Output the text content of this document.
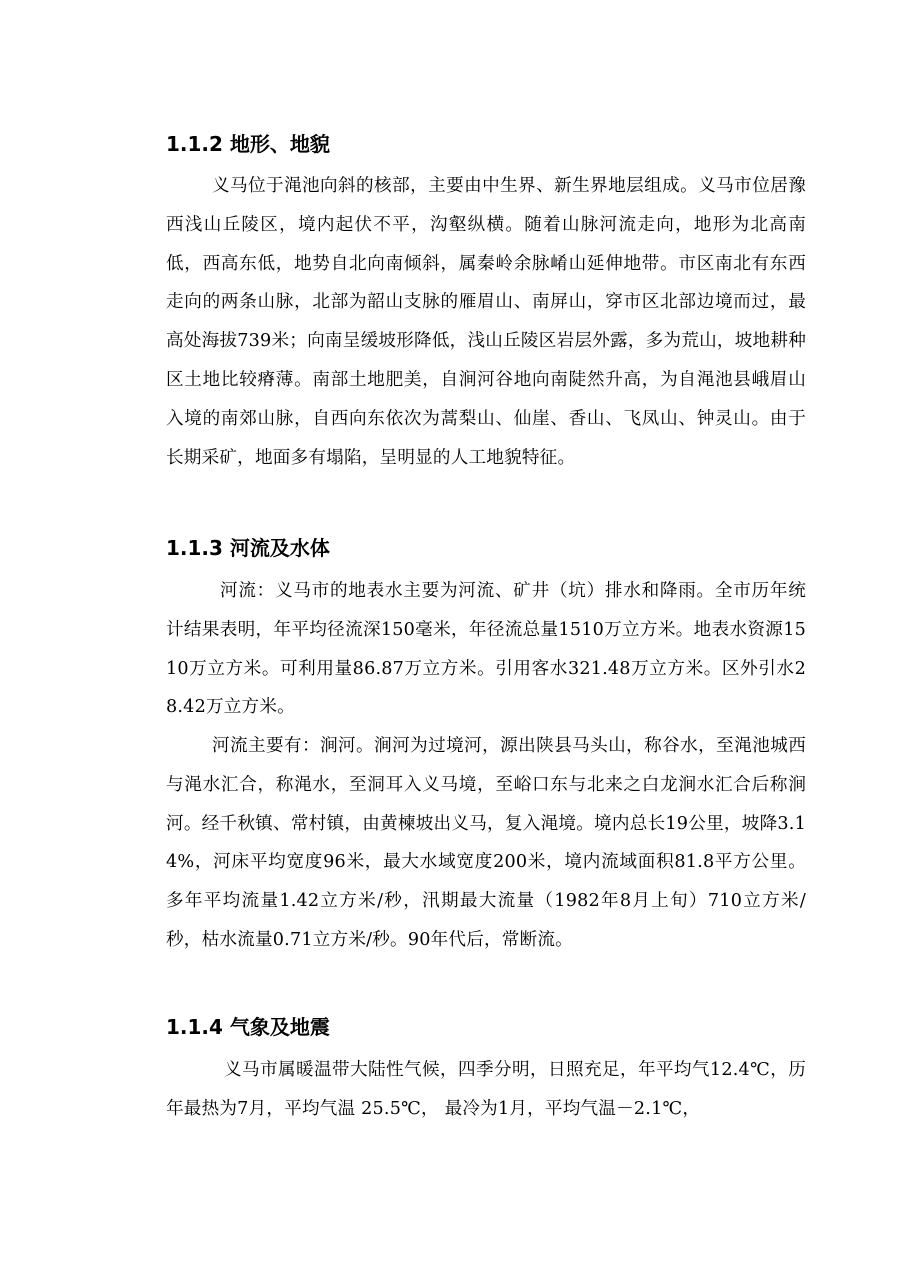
1.1.2 地形、地貌

义马位于渑池向斜的核部，主要由中生界、新生界地层组成。义马市位居豫西浅山丘陵区，境内起伏不平，沟壑纵横。随着山脉河流走向，地形为北高南低，西高东低，地势自北向南倾斜，属秦岭余脉崤山延伸地带。市区南北有东西走向的两条山脉，北部为韶山支脉的雁眉山、南屏山，穿市区北部边境而过，最高处海拔739米；向南呈缓坡形降低，浅山丘陵区岩层外露，多为荒山，坡地耕种区土地比较瘠薄。南部土地肥美，自涧河谷地向南陡然升高，为自渑池县峨眉山入境的南郊山脉，自西向东依次为蒿梨山、仙崖、香山、飞凤山、钟灵山。由于长期采矿，地面多有塌陷，呈明显的人工地貌特征。

1.1.3 河流及水体

河流：义马市的地表水主要为河流、矿井（坑）排水和降雨。全市历年统计结果表明，年平均径流深150毫米，年径流总量1510万立方米。地表水资源1510万立方米。可利用量86.87万立方米。引用客水321.48万立方米。区外引水28.42万立方米。

河流主要有：涧河。涧河为过境河，源出陕县马头山，称谷水，至渑池城西与渑水汇合，称渑水，至洞耳入义马境，至峪口东与北来之白龙涧水汇合后称涧河。经千秋镇、常村镇，由黄楝坡出义马，复入渑境。境内总长19公里，坡降3.14%，河床平均宽度96米，最大水域宽度200米，境内流域面积81.8平方公里。多年平均流量1.42立方米/秒，汛期最大流量（1982年8月上旬）710立方米/秒，枯水流量0.71立方米/秒。90年代后，常断流。

1.1.4 气象及地震

义马市属暖温带大陆性气候，四季分明，日照充足，年平均气12.4℃，历年最热为7月，平均气温 25.5℃， 最冷为1月，平均气温－2.1℃，
